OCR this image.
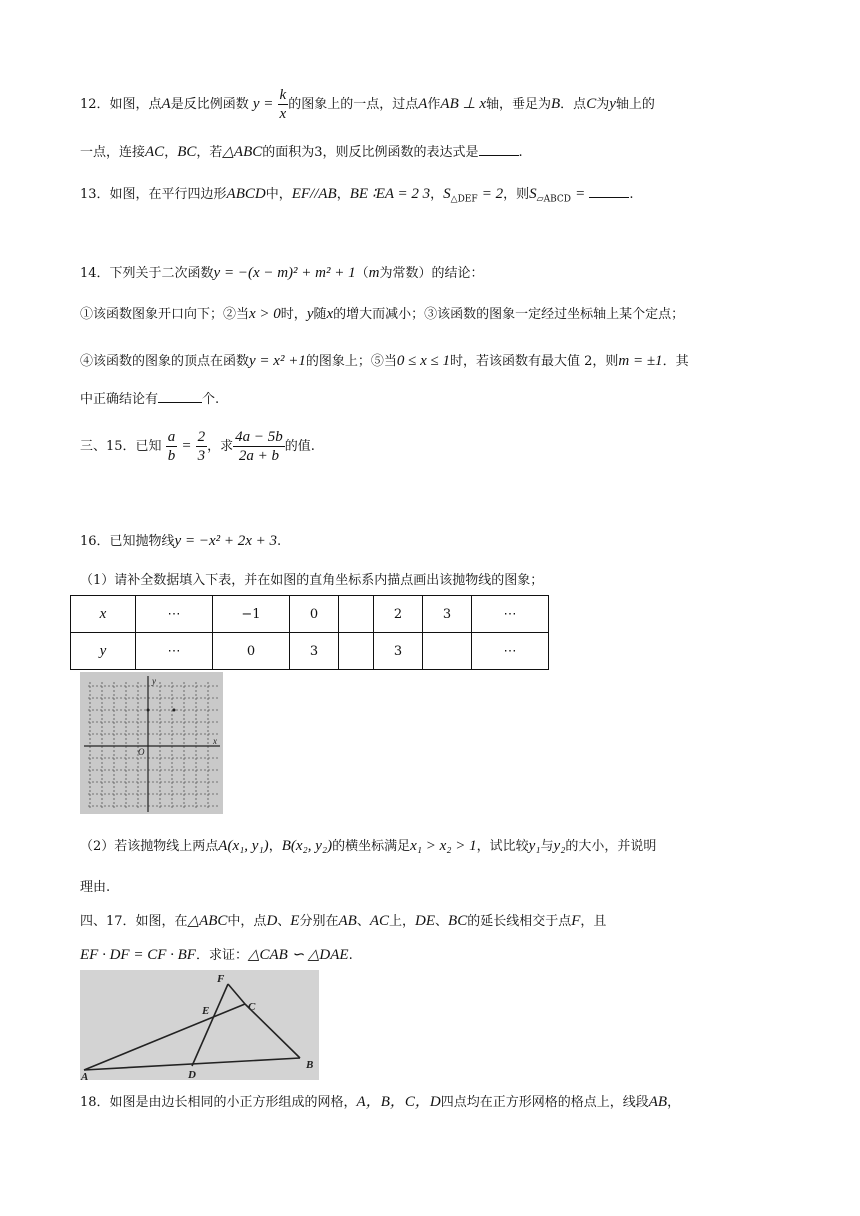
12．如图，点A是反比例函数 $y = \frac{k}{x}$ 的图象上的一点，过点A作AB ⊥ x轴，垂足为B．点C为y轴上的
一点，连接AC，BC，若△ABC的面积为3，则反比例函数的表达式是	.
13．如图，在平行四边形ABCD中，EF//AB，BE ∶EA = 2 3，$S_{\triangle DEF} = 2$，则$S_{▱ABCD}$ =	.
14．下列关于二次函数y = −(x − m)² + m² + 1（m为常数）的结论：
①该函数图象开口向下；②当x > 0时，y随x的增大而减小；③该函数的图象一定经过坐标轴上某个定点；
④该函数的图象的顶点在函数y = x² +1的图象上；⑤当0 ≤ x ≤ 1时，若该函数有最大值 2，则m = ±1．其
中正确结论有	个.
三、15．已知 $\frac{a}{b} = \frac{2}{3}$ ，求 $\frac{4a - 5b}{2a + b}$ 的值.
16．已知抛物线y = −x² + 2x + 3.
（1）请补全数据填入下表，并在如图的直角坐标系内描点画出该抛物线的图象；
x	⋯	−1	0		2	3	⋯
y	⋯	0	3		3		⋯
y
x
O
（2）若该抛物线上两点A(x₁, y₁)，B(x₂, y₂)的横坐标满足x₁ > x₂ > 1，试比较y₁与y₂的大小，并说明
理由.
四、17．如图，在△ABC中，点D、E分别在AB、AC上，DE、BC的延长线相交于点F，且
EF · DF = CF · BF．求证：△CAB ∽ △DAE.
F
C
E
A	D
B
18．如图是由边长相同的小正方形组成的网格，A，B，C，D四点均在正方形网格的格点上，线段AB，
